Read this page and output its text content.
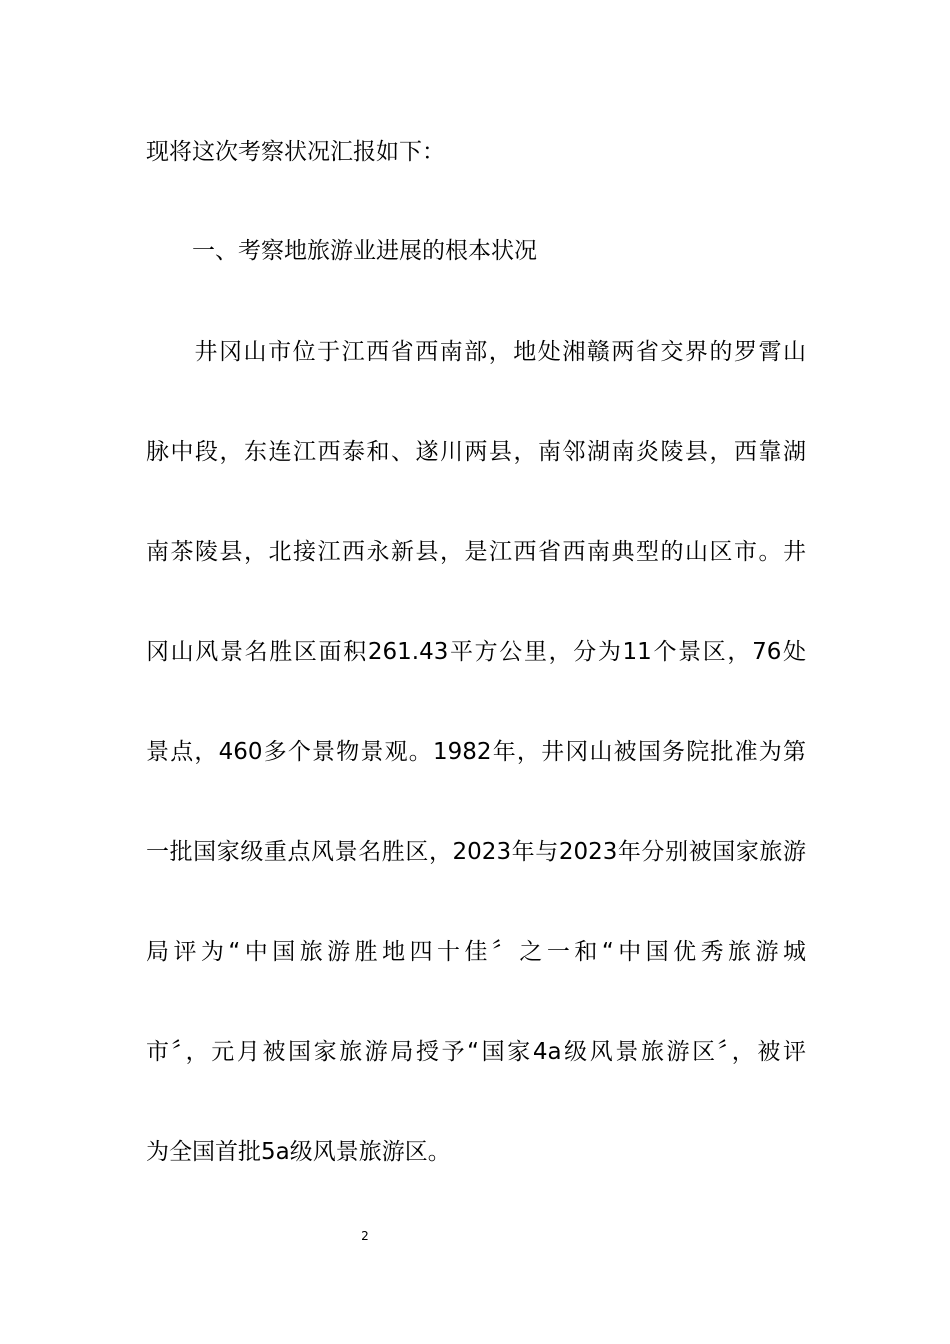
现将这次考察状况汇报如下：
一、考察地旅游业进展的根本状况
　井冈山市位于江西省西南部，地处湘赣两省交界的罗霄山
脉中段，东连江西泰和、遂川两县，南邻湖南炎陵县，西靠湖
南茶陵县，北接江西永新县，是江西省西南典型的山区市。井
冈山风景名胜区面积261.43平方公里，分为11个景区，76处
景点，460多个景物景观。1982年，井冈山被国务院批准为第
一批国家级重点风景名胜区，2023年与2023年分别被国家旅游
局评为“中国旅游胜地四十佳〞之一和“中国优秀旅游城
市〞，元月被国家旅游局授予“国家4a级风景旅游区〞，被评
为全国首批5a级风景旅游区。
2
